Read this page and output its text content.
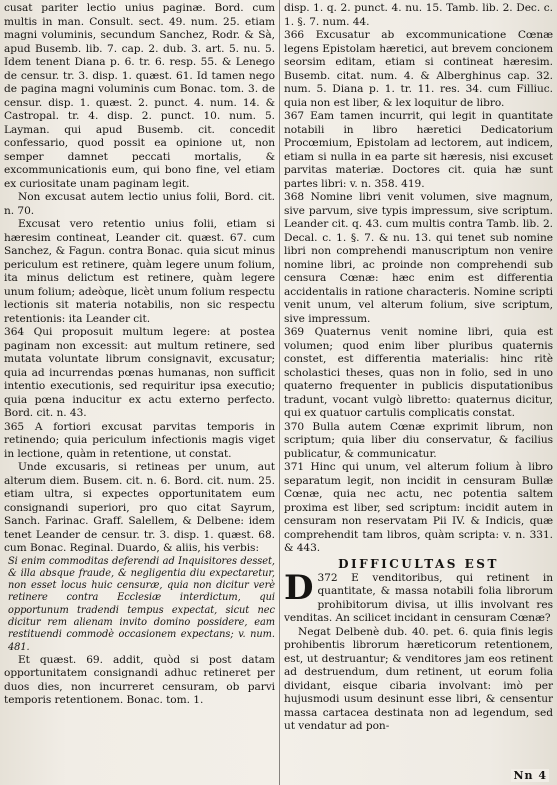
cusat pariter lectio unius paginæ. Bord. cum multis in man. Consult. sect. 49. num. 25. etiam magni voluminis, secundum Sanchez, Rodr. & Sà, apud Busemb. lib. 7. cap. 2. dub. 3. art. 5. nu. 5. Idem tenent Diana p. 6. tr. 6. resp. 55. & Lenego de censur. tr. 3. disp. 1. quæst. 61. Id tamen nego de pagina magni voluminis cum Bonac. tom. 3. de censur. disp. 1. quæst. 2. punct. 4. num. 14. & Castropal. tr. 4. disp. 2. punct. 10. num. 5. Layman. qui apud Busemb. cit. concedit confessario, quod possit ea opinione ut, non semper damnet peccati mortalis, & excommunicationis eum, qui bono fine, vel etiam ex curiositate unam paginam legit.

Non excusat autem lectio unius folii, Bord. cit. n. 70.

Excusat vero retentio unius folii, etiam si hæresim contineat, Leander cit. quæst. 67. cum Sanchez, & Fagun. contra Bonac. quia sicut minus periculum est retinere, quàm legere unum folium, ita minus delictum est retinere, quàm legere unum folium; adeòque, licèt unum folium respectu lectionis sit materia notabilis, non sic respectu retentionis: ita Leander cit.

364 Qui proposuit multum legere: at postea paginam non excessit: aut multum retinere, sed mutata voluntate librum consignavit, excusatur; quia ad incurrendas pœnas humanas, non sufficit intentio executionis, sed requiritur ipsa executio; quia pœna inducitur ex actu externo perfecto. Bord. cit. n. 43.

365 A fortiori excusat parvitas temporis in retinendo; quia periculum infectionis magis viget in lectione, quàm in retentione, ut constat.

Unde excusaris, si retineas per unum, aut alterum diem. Busem. cit. n. 6. Bord. cit. num. 25. etiam ultra, si expectes opportunitatem eum consignandi superiori, pro quo citat Sayrum, Sanch. Farinac. Graff. Salellem, & Delbene: idem tenet Leander de censur. tr. 3. disp. 1. quæst. 68. cum Bonac. Reginal. Duardo, & aliis, his verbis:

Si enim commoditas deferendi ad Inquisitores desset, & illa absque fraude, & negligentia diu expectaretur, non esset locus huic censuræ, quia non dicitur verè retinere contra Ecclesiæ interdictum, qui opportunum tradendi tempus expectat, sicut nec dicitur rem alienam invito domino possidere, eam restituendi commodè occasionem expectans; v. num. 481.

Et quæst. 69. addit, quòd si post datam opportunitatem consignandi adhuc retineret per duos dies, non incurreret censuram, ob parvi temporis retentionem. Bonac. tom. 1.

disp. 1. q. 2. punct. 4. nu. 15. Tamb. lib. 2. Dec. c. 1. §. 7. num. 44.

366 Excusatur ab excommunicatione Cœnæ legens Epistolam hæretici, aut brevem concionem seorsim editam, etiam si contineat hæresim. Busemb. citat. num. 4. & Alberghinus cap. 32. num. 5. Diana p. 1. tr. 11. res. 34. cum Filliuc. quia non est liber, & lex loquitur de libro.

367 Eam tamen incurrit, qui legit in quantitate notabili in libro hæretici Dedicatorium Procœmium, Epistolam ad lectorem, aut indicem, etiam si nulla in ea parte sit hæresis, nisi excuset parvitas materiæ. Doctores cit. quia hæ sunt partes libri: v. n. 358. 419.

368 Nomine libri venit volumen, sive magnum, sive parvum, sive typis impressum, sive scriptum. Leander cit. q. 43. cum multis contra Tamb. lib. 2. Decal. c. 1. §. 7. & nu. 13. qui tenet sub nomine libri non comprehendi manuscriptum non venire nomine libri, ac proinde non comprehendi sub censura Cœnæ: hæc enim est differentia accidentalis in ratione characteris. Nomine scripti venit unum, vel alterum folium, sive scriptum, sive impressum.

369 Quaternus venit nomine libri, quia est volumen; quod enim liber pluribus quaternis constet, est differentia materialis: hinc ritè scholastici theses, quas non in folio, sed in uno quaterno frequenter in publicis disputationibus tradunt, vocant vulgò libretto: quaternus dicitur, qui ex quatuor cartulis complicatis constat.

370 Bulla autem Cœnæ exprimit librum, non scriptum; quia liber diu conservatur, & facilius publicatur, & communicatur.

371 Hinc qui unum, vel alterum folium à libro separatum legit, non incidit in censuram Bullæ Cœnæ, quia nec actu, nec potentia saltem proxima est liber, sed scriptum: incidit autem in censuram non reservatam Pii IV. & Indicis, quæ comprehendit tam libros, quàm scripta: v. n. 331. & 443.

DIFFICULTAS EST

372
D	E venditoribus, qui retinent in quantitate, & massa notabili folia librorum prohibitorum divisa, ut illis involvant res venditas. An scilicet incidant in censuram Cœnæ?

Negat Delbenè dub. 40. pet. 6. quia finis legis prohibentis librorum hæreticorum retentionem, est, ut destruantur; & venditores jam eos retinent ad destruendum, dum retinent, ut eorum folia dividant, eisque cibaria involvant: imò per hujusmodi usum desinunt esse libri, & censentur massa cartacea destinata non ad legendum, sed ut vendatur ad pon-

Nn 4
